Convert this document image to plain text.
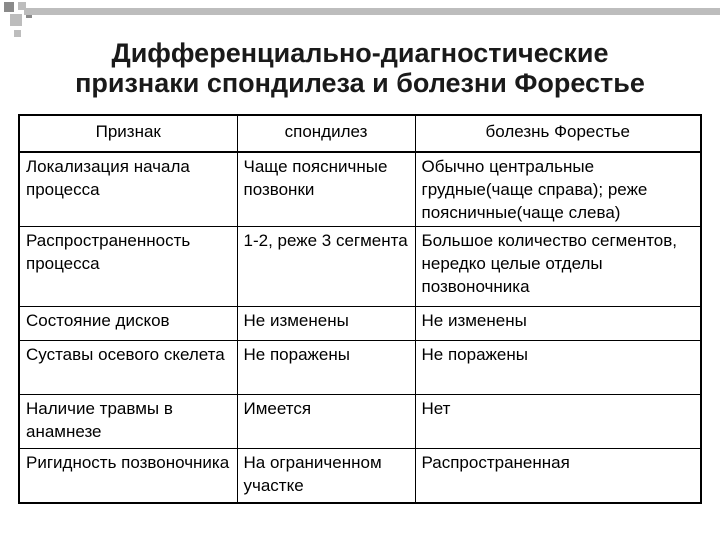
Дифференциально-диагностические
признаки спондилеза и болезни Форестье
Признак	спондилез	болезнь Форестье
Локализация начала процесса	Чаще поясничные позвонки	Обычно центральные грудные(чаще справа); реже поясничные(чаще слева)
Распространенность процесса	1-2, реже 3 сегмента	Большое количество сегментов, нередко целые отделы позвоночника
Состояние дисков	Не изменены	Не изменены
Суставы осевого скелета	Не поражены	Не поражены
Наличие травмы в анамнезе	Имеется	Нет
Ригидность позвоночника	На ограниченном участке	Распространенная
